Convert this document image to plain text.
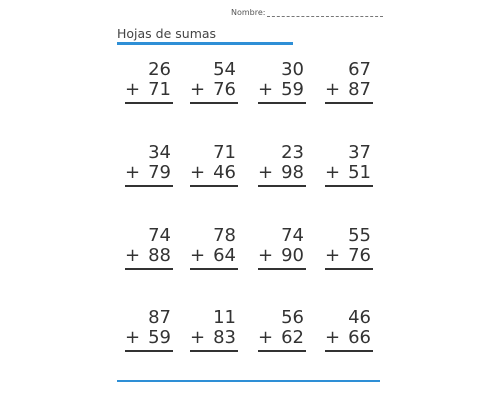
Nombre:
Hojas de sumas
26
+ 71
54
+ 76
30
+ 59
67
+ 87
34
+ 79
71
+ 46
23
+ 98
37
+ 51
74
+ 88
78
+ 64
74
+ 90
55
+ 76
87
+ 59
11
+ 83
56
+ 62
46
+ 66
